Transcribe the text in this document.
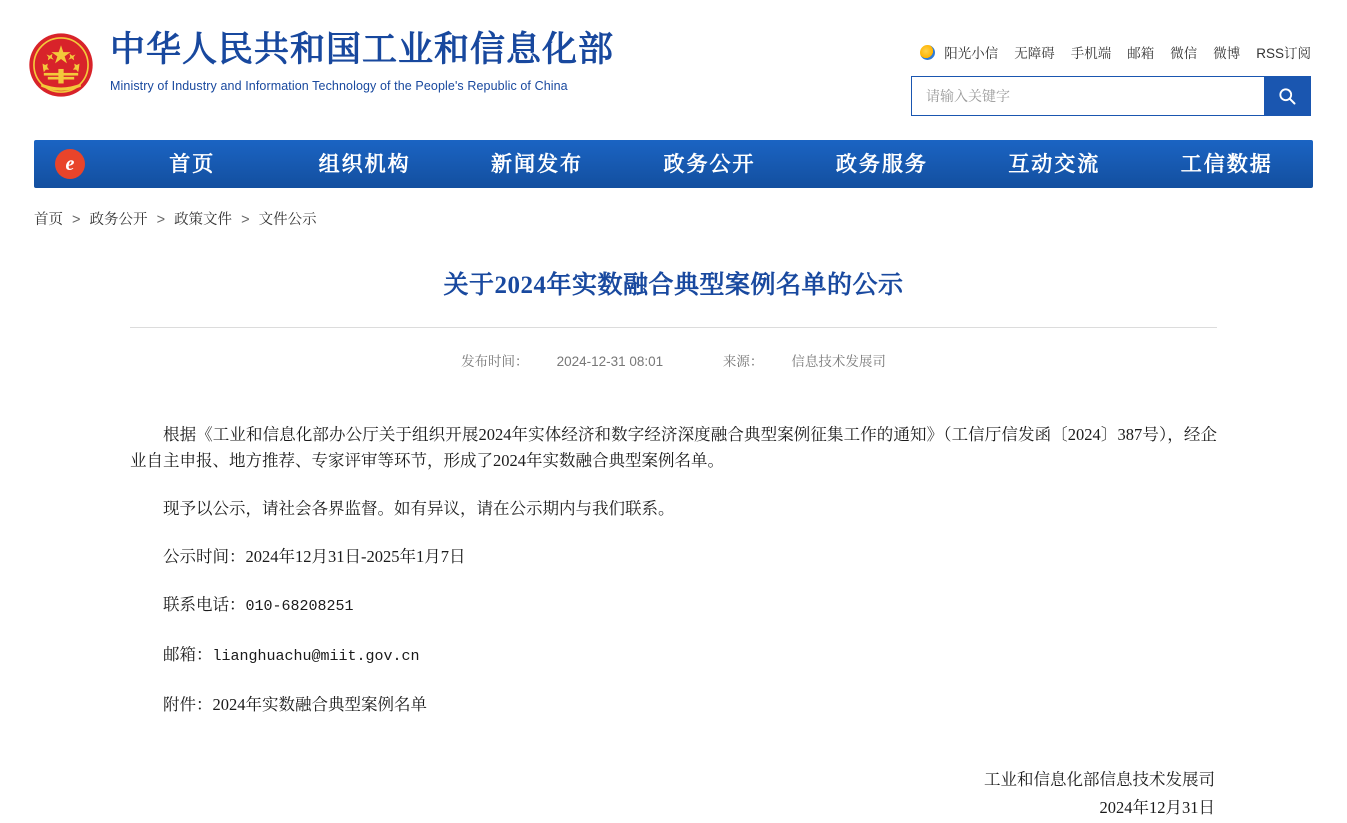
中华人民共和国工业和信息化部
Ministry of Industry and Information Technology of the People's Republic of China
阳光小信 无障碍 手机端 邮箱 微信 微博 RSS订阅
请输入关键字
e	首页	组织机构	新闻发布	政务公开	政务服务	互动交流	工信数据
首页 > 政务公开 > 政策文件 > 文件公示
关于2024年实数融合典型案例名单的公示
发布时间： 2024-12-31 08:01	来源： 信息技术发展司

根据《工业和信息化部办公厅关于组织开展2024年实体经济和数字经济深度融合典型案例征集工作的通知》（工信厅信发函〔2024〕387号），经企业自主申报、地方推荐、专家评审等环节，形成了2024年实数融合典型案例名单。

现予以公示，请社会各界监督。如有异议，请在公示期内与我们联系。

公示时间：2024年12月31日-2025年1月7日

联系电话：010-68208251

邮箱：lianghuachu@miit.gov.cn

附件：2024年实数融合典型案例名单

工业和信息化部信息技术发展司
2024年12月31日
